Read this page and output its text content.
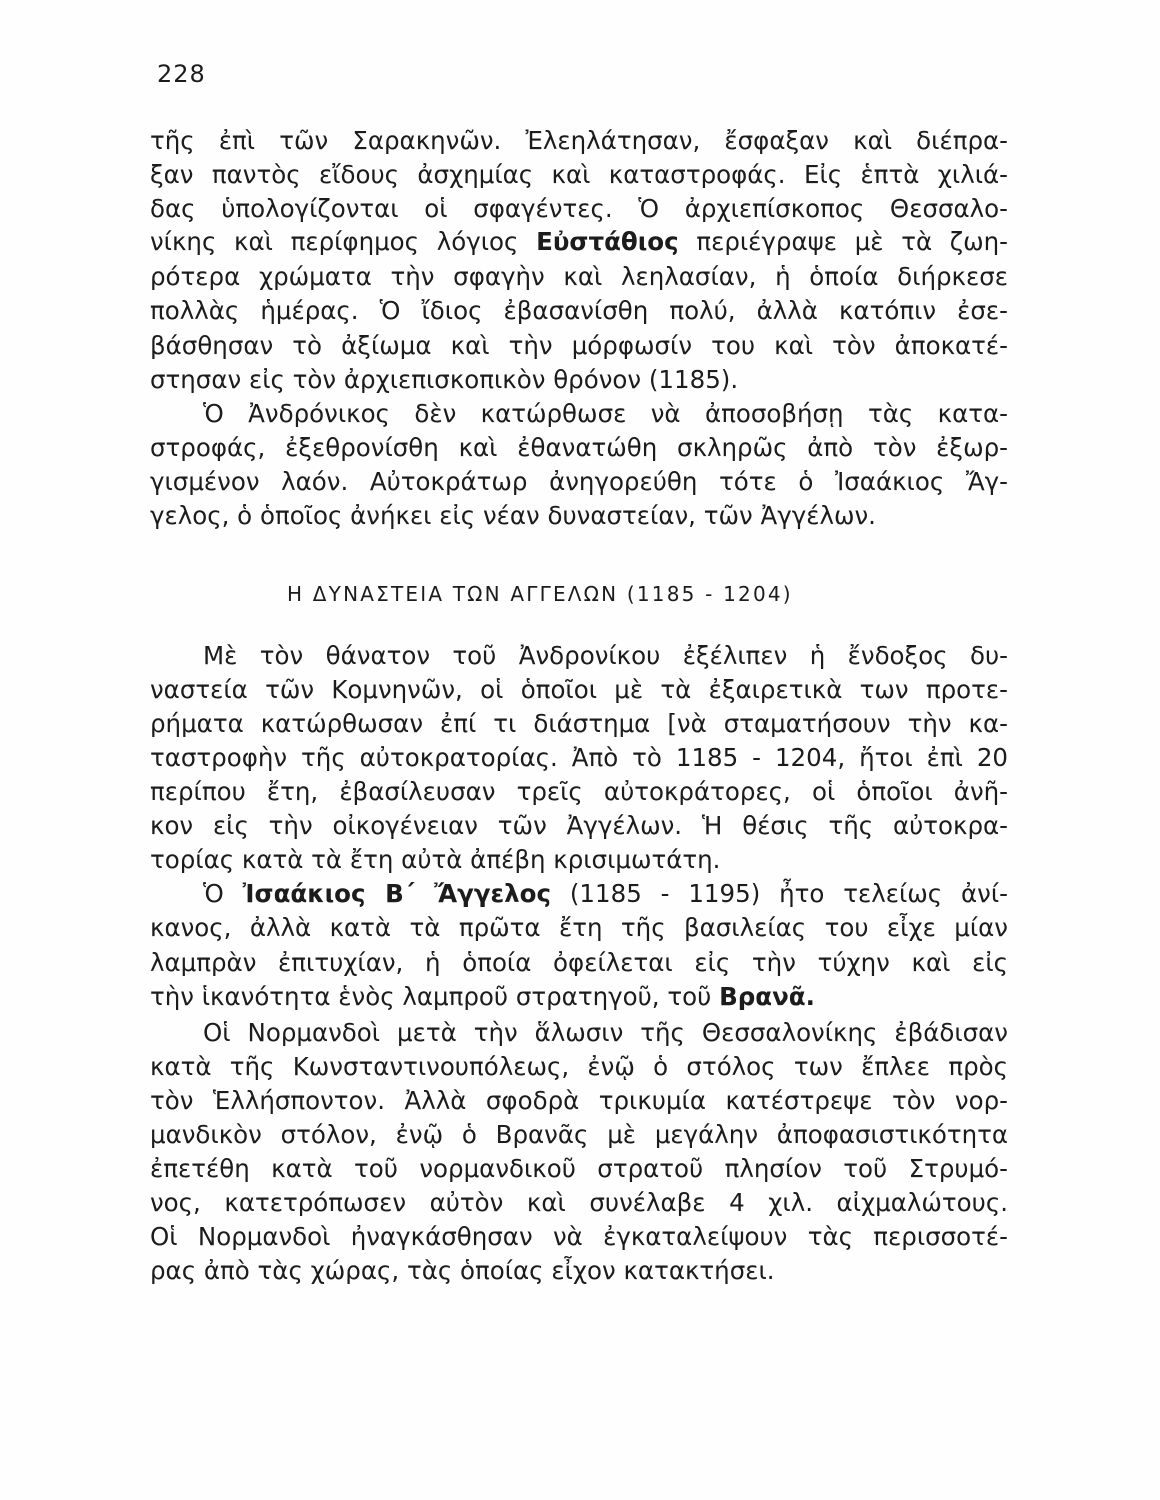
228
τῆς ἐπὶ τῶν Σαρακηνῶν. Ἐλεηλάτησαν, ἔσφαξαν καὶ διέπρα-
ξαν παντὸς εἴδους ἀσχημίας καὶ καταστροφάς. Εἰς ἑπτὰ χιλιά-
δας ὑπολογίζονται οἱ σφαγέντες. Ὁ ἀρχιεπίσκοπος Θεσσαλο-
νίκης καὶ περίφημος λόγιος Εὐστάθιος περιέγραψε μὲ τὰ ζωη-
ρότερα χρώματα τὴν σφαγὴν καὶ λεηλασίαν, ἡ ὁποία διήρκεσε
πολλὰς ἡμέρας. Ὁ ἴδιος ἐβασανίσθη πολύ, ἀλλὰ κατόπιν ἐσε-
βάσθησαν τὸ ἀξίωμα καὶ τὴν μόρφωσίν του καὶ τὸν ἀποκατέ-
στησαν εἰς τὸν ἀρχιεπισκοπικὸν θρόνον (1185).
Ὁ Ἀνδρόνικος δὲν κατώρθωσε νὰ ἀποσοβήσῃ τὰς κατα-
στροφάς, ἐξεθρονίσθη καὶ ἐθανατώθη σκληρῶς ἀπὸ τὸν ἐξωρ-
γισμένον λαόν. Αὐτοκράτωρ ἀνηγορεύθη τότε ὁ Ἰσαάκιος Ἄγ-
γελος, ὁ ὁποῖος ἀνήκει εἰς νέαν δυναστείαν, τῶν Ἀγγέλων.
Η ΔΥΝΑΣΤΕΙΑ ΤΩΝ ΑΓΓΕΛΩΝ (1185 - 1204)
Μὲ τὸν θάνατον τοῦ Ἀνδρονίκου ἐξέλιπεν ἡ ἔνδοξος δυ-
ναστεία τῶν Κομνηνῶν, οἱ ὁποῖοι μὲ τὰ ἐξαιρετικὰ των προτε-
ρήματα κατώρθωσαν ἐπί τι διάστημα [νὰ σταματήσουν τὴν κα-
ταστροφὴν τῆς αὐτοκρατορίας. Ἀπὸ τὸ 1185 - 1204, ἤτοι ἐπὶ 20
περίπου ἔτη, ἐβασίλευσαν τρεῖς αὐτοκράτορες, οἱ ὁποῖοι ἀνῆ-
κον εἰς τὴν οἰκογένειαν τῶν Ἀγγέλων. Ἡ θέσις τῆς αὐτοκρα-
τορίας κατὰ τὰ ἔτη αὐτὰ ἀπέβη κρισιμωτάτη.
Ὁ Ἰσαάκιος Β΄ Ἄγγελος (1185 - 1195) ἦτο τελείως ἀνί-
κανος, ἀλλὰ κατὰ τὰ πρῶτα ἔτη τῆς βασιλείας του εἶχε μίαν
λαμπρὰν ἐπιτυχίαν, ἡ ὁποία ὀφείλεται εἰς τὴν τύχην καὶ εἰς
τὴν ἱκανότητα ἑνὸς λαμπροῦ στρατηγοῦ, τοῦ Βρανᾶ.
Οἱ Νορμανδοὶ μετὰ τὴν ἅλωσιν τῆς Θεσσαλονίκης ἐβάδισαν
κατὰ τῆς Κωνσταντινουπόλεως, ἐνῷ ὁ στόλος των ἔπλεε πρὸς
τὸν Ἑλλήσποντον. Ἀλλὰ σφοδρὰ τρικυμία κατέστρεψε τὸν νορ-
μανδικὸν στόλον, ἐνῷ ὁ Βρανᾶς μὲ μεγάλην ἀποφασιστικότητα
ἐπετέθη κατὰ τοῦ νορμανδικοῦ στρατοῦ πλησίον τοῦ Στρυμό-
νος, κατετρόπωσεν αὐτὸν καὶ συνέλαβε 4 χιλ. αἰχμαλώτους.
Οἱ Νορμανδοὶ ἠναγκάσθησαν νὰ ἐγκαταλείψουν τὰς περισσοτέ-
ρας ἀπὸ τὰς χώρας, τὰς ὁποίας εἶχον κατακτήσει.
